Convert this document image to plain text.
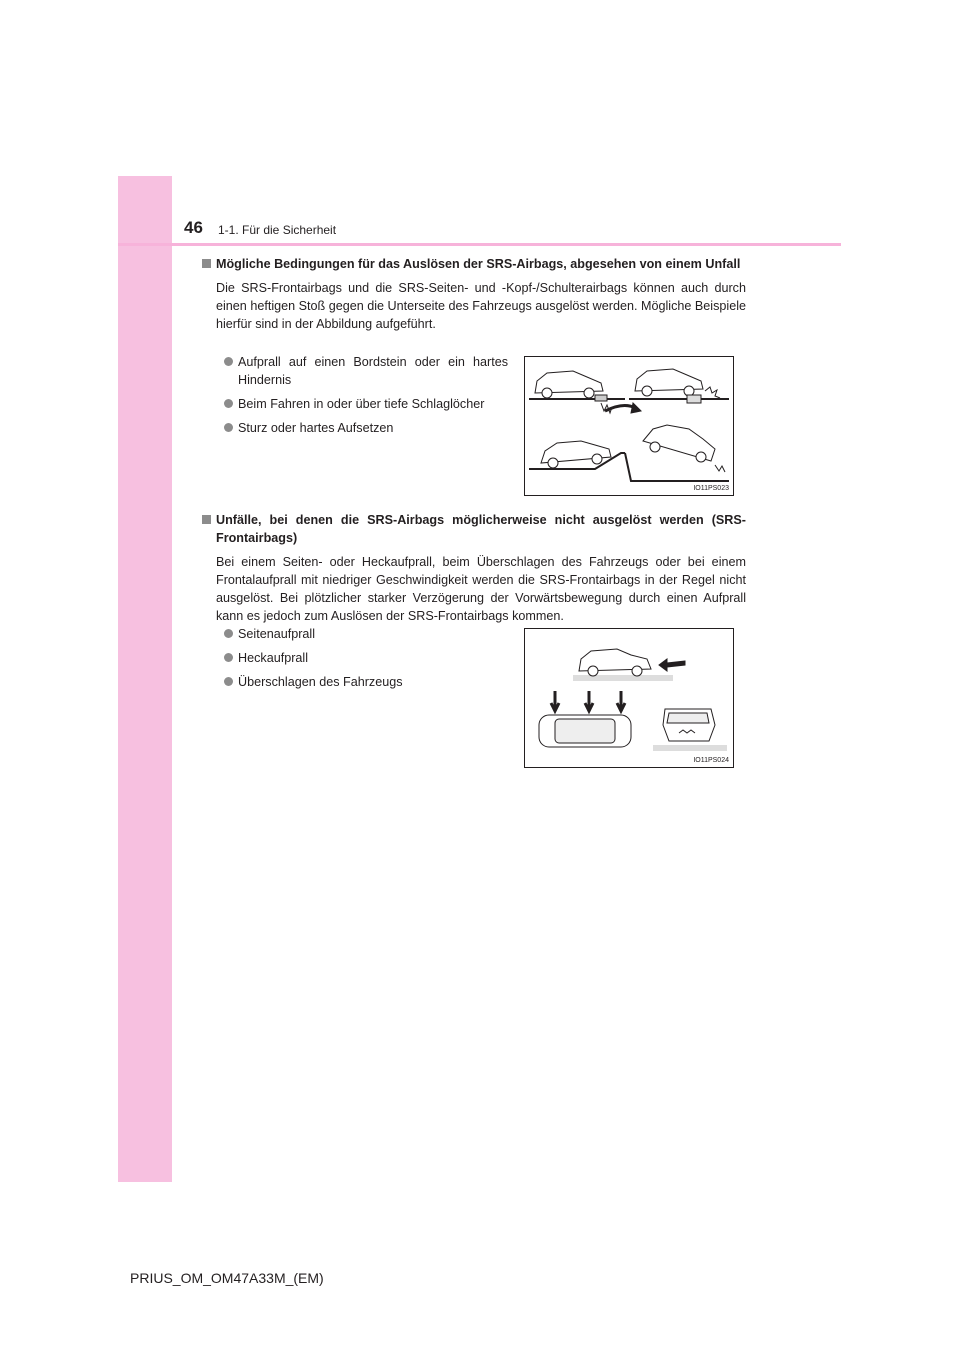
46 1-1. Für die Sicherheit
Mögliche Bedingungen für das Auslösen der SRS-Airbags, abgesehen von einem Unfall
Die SRS-Frontairbags und die SRS-Seiten- und -Kopf-/Schulterairbags können auch durch einen heftigen Stoß gegen die Unterseite des Fahrzeugs ausgelöst werden. Mögliche Beispiele hierfür sind in der Abbildung aufgeführt.
Aufprall auf einen Bordstein oder ein hartes Hindernis
Beim Fahren in oder über tiefe Schlaglöcher
Sturz oder hartes Aufsetzen
IO11PS023
Unfälle, bei denen die SRS-Airbags möglicherweise nicht ausgelöst werden (SRS-Frontairbags)
Bei einem Seiten- oder Heckaufprall, beim Überschlagen des Fahrzeugs oder bei einem Frontalaufprall mit niedriger Geschwindigkeit werden die SRS-Frontairbags in der Regel nicht ausgelöst. Bei plötzlicher starker Verzögerung der Vorwärtsbewegung durch einen Aufprall kann es jedoch zum Auslösen der SRS-Frontairbags kommen.
Seitenaufprall
Heckaufprall
Überschlagen des Fahrzeugs
IO11PS024
PRIUS_OM_OM47A33M_(EM)
